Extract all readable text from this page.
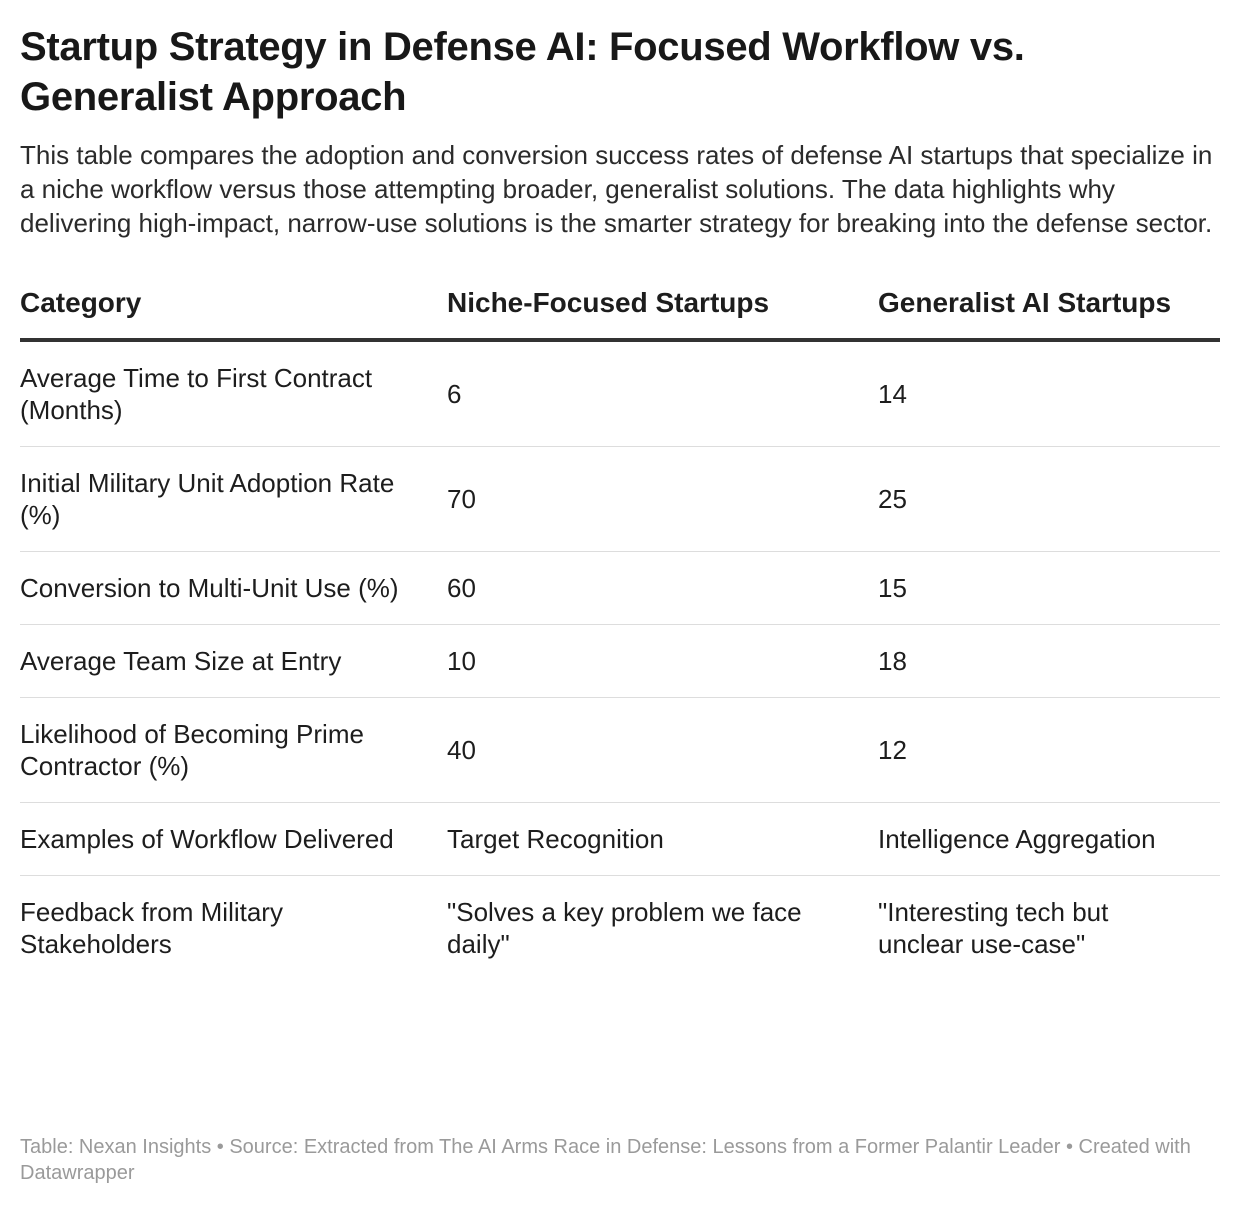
Startup Strategy in Defense AI: Focused Workflow vs. Generalist Approach

This table compares the adoption and conversion success rates of defense AI startups that specialize in a niche workflow versus those attempting broader, generalist solutions. The data highlights why delivering high-impact, narrow-use solutions is the smarter strategy for breaking into the defense sector.

Category	Niche-Focused Startups	Generalist AI Startups
Average Time to First Contract (Months)	6	14
Initial Military Unit Adoption Rate (%)	70	25
Conversion to Multi-Unit Use (%)	60	15
Average Team Size at Entry	10	18
Likelihood of Becoming Prime Contractor (%)	40	12
Examples of Workflow Delivered	Target Recognition	Intelligence Aggregation
Feedback from Military Stakeholders	"Solves a key problem we face daily"	"Interesting tech but unclear use-case"
Table: Nexan Insights • Source: Extracted from The AI Arms Race in Defense: Lessons from a Former Palantir Leader • Created with Datawrapper
